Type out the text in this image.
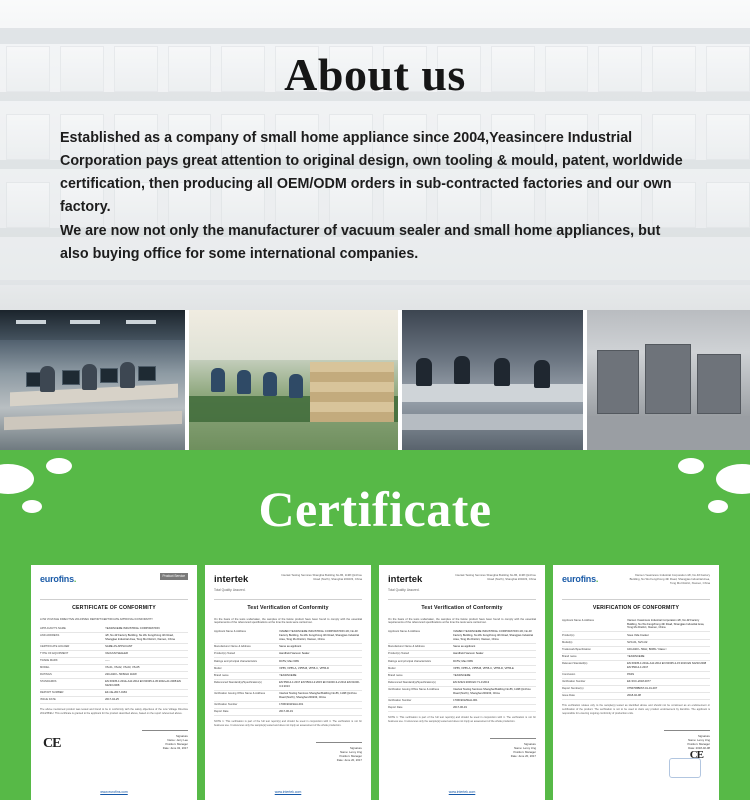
About us

Established as a company of small home appliance since 2004,Yeasincere Industrial Corporation pays great attention to original design, own tooling & mould, patent, worldwide certification, then producing all OEM/ODM orders in sub-contracted factories and our own factory.

We are now not only the manufacturer of vacuum sealer and small home appliances, but also buying office for some international companies.

Certificate
eurofins.	Product Service
CERTIFICATE OF CONFORMITY
LOW VOLTAGE DIRECTIVE 2014/35/EU REPORT/CERTIFICATE APPROVAL/CONFORMITY
APPLICANT'S NAME	YEASINCERE INDUSTRIAL CORPORATION
AND ADDRESS	4/F, No.4# Factory Building, Nu Wu Fengzhong 4th Road, Shangjiao Industrial Area, Tong Mu District, Xiamen, China
CERTIFICATE HOLDER	SAME AS APPLICANT
TYPE OF EQUIPMENT	VACUUM SEALER
TRADE MARK	-----
MODEL	VS-01, VS-02, VS-03, VS-05
RATINGS	220-240V~ 50/60Hz 110W
STANDARDS	EN 60335-1:2012+A11:2014 EN 60335-2-45:2002+A1:2008 EN 62233:2008
REPORT NUMBER	EF-CE-2017-0163
ISSUE DATE	2017-04-25
The above mentioned product was tested and found to be in conformity with the safety objectives of the Low Voltage Directive 2014/35/EU. This certificate is granted to the applicant for the product described above, based on the report referenced above.
Signature
Name: Jerry Lee
Position: Manager
Date: June 02, 2017
CE
www.eurofins.com
intertek
Total Quality. Assured.
Intertek Testing Services Shanghai Building No.86, 1198 Qinzhou Road (North), Shanghai 200233, China
Test Verification of Conformity
On the basis of the tests undertaken, the samples of the below product have been found to comply with the essential requirements of the referenced specifications at the time the tests were carried out.
Applicant Name & Address	XIAMEN YEASINCERE INDUSTRIAL CORPORATION 4/F, No.4# Factory Building, Nu Wu Fengzhong 4th Road, Shangjiao Industrial Area, Tong Mu District, Xiamen, China
Manufacturer Name & Address	Same as applicant
Product(s) Tested	Handheld Vacuum Sealer
Ratings and principal characteristics	DC5V, Max 60W
Model	VP55, VP55-A, VP55-B, VP55-C, VP55-D
Brand name	YEASINCERE
Referenced Standard(s)/Specification(s)	EN 55014-1:2017 EN 55014-2:2015 EN 61000-3-2:2014 EN 61000-3-3:2013
Verification Issuing Office Name & Address	Intertek Testing Services Shanghai Building No.86, 1198 Qinzhou Road (North), Shanghai 200233, China
Verification Number	170619011SHA-001
Report Date	2017-06-19
NOTE 1: This verification is part of the full test report(s) and should be used in conjunction with it. The verification is not for business use. It references only the sample(s) tested and does not imply an assessment of the whole production.
Signature
Name: Leroy Jing
Position: Manager
Date: June 20, 2017
www.intertek.com
intertek
Total Quality. Assured.
Intertek Testing Services Shanghai Building No.86, 1198 Qinzhou Road (North), Shanghai 200233, China
Test Verification of Conformity
On the basis of the tests undertaken, the samples of the below product have been found to comply with the essential requirements of the referenced specifications at the time the tests were carried out.
Applicant Name & Address	XIAMEN YEASINCERE INDUSTRIAL CORPORATION 4/F, No.4# Factory Building, Nu Wu Fengzhong 4th Road, Shangjiao Industrial Area, Tong Mu District, Xiamen, China
Manufacturer Name & Address	Same as applicant
Product(s) Tested	Handheld Vacuum Sealer
Ratings and principal characteristics	DC5V, Max 60W
Model	VP55, VP55-A, VP55-B, VP55-C, VP55-D, VP55-E
Brand name	YEASINCERE
Referenced Standard(s)/Specification(s)	EN 62321:2009 EN 71-3:2013
Verification Issuing Office Name & Address	Intertek Testing Services Shanghai Building No.86, 1198 Qinzhou Road (North), Shanghai 200233, China
Verification Number	170619012SHA-001
Report Date	2017-06-19
NOTE 1: This verification is part of the full test report(s) and should be used in conjunction with it. The verification is not for business use. It references only the sample(s) tested and does not imply an assessment of the whole production.
Signature
Name: Leroy Jing
Position: Manager
Date: June 20, 2017
www.intertek.com
eurofins.	Xiamen Yeasincere Industrial Corporation 4/F, No.4# Factory Building, Nu Wu Fengzhong 4th Road, Shangjiao Industrial Area, Tong Mu District, Xiamen, China
VERIFICATION OF CONFORMITY
Applicant Name & Address	Xiamen Yeasincere Industrial Corporation 4/F, No.4# Factory Building, Nu Wu Fengzhong 4th Road, Shangjiao Industrial Area, Tong Mu District, Xiamen, China
Product(s)	Sous Vide Cooker
Model(s)	SVC-01, SVC-02
Trademark/Specification	100-240V~ 50Hz, 800W / Class I
Brand name	YEASINCERE
Relevant Standard(s)	EN 60335-1:2012+A11:2014 EN 60335-2-15:2016 EN 62233:2008 EN 55014-1:2017
Conclusion	PASS
Verification Number	EF-SVC-2018-0077
Report Number(s)	0756708B0ST-01-01-007
Issue Date	2018-02-08
This verification relates only to the sample(s) tested as identified above and should not be construed as an endorsement or certification of the product. The verification is not to be used to claim any product endorsement by Eurofins. The applicant is responsible for ensuring ongoing conformity of production units.
Signature
Name: Leroy Jing
Position: Manager
Date: 2018-02-08
CE
